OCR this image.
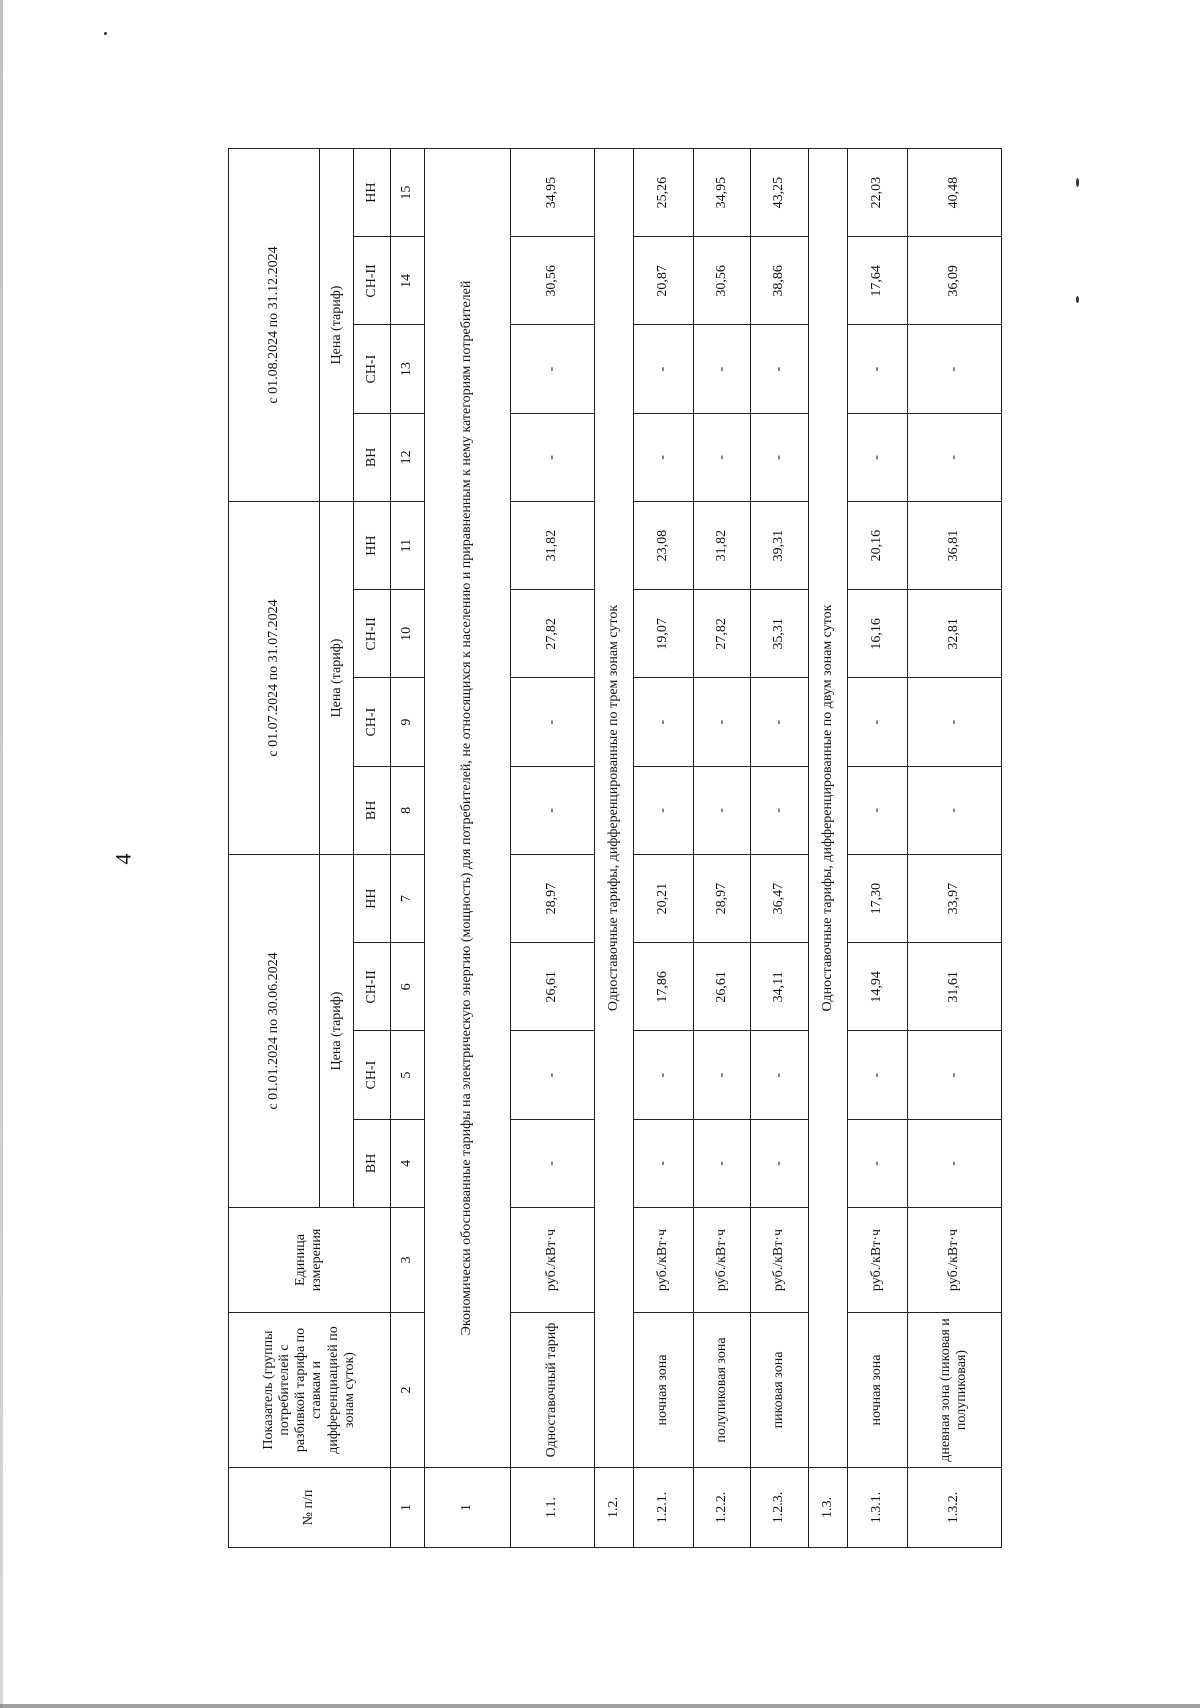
4
№ п/п	Показатель (группы потребителей с разбивкой тарифа по ставкам и дифференциацией по зонам суток)	Единица измерения	с 01.01.2024 по 30.06.2024				с 01.07.2024 по 31.07.2024				с 01.08.2024 по 31.12.2024			
			Цена (тариф)				Цена (тариф)				Цена (тариф)			
			ВН	СН-I	СН-II	НН	ВН	СН-I	СН-II	НН	ВН	СН-I	СН-II	НН
1	2	3	4	5	6	7	8	9	10	11	12	13	14	15
1	Экономически обоснованные тарифы на электрическую энергию (мощность) для потребителей, не относящихся к населению и приравненным к нему категориям потребителей													
1.1.	Одноставочный тариф	руб./кВт·ч	-	-	26,61	28,97	-	-	27,82	31,82	-	-	30,56	34,95
1.2.	Одноставочные тарифы, дифференцированные по трем зонам суток													
1.2.1.	ночная зона	руб./кВт·ч	-	-	17,86	20,21	-	-	19,07	23,08	-	-	20,87	25,26
1.2.2.	полупиковая зона	руб./кВт·ч	-	-	26,61	28,97	-	-	27,82	31,82	-	-	30,56	34,95
1.2.3.	пиковая зона	руб./кВт·ч	-	-	34,11	36,47	-	-	35,31	39,31	-	-	38,86	43,25
1.3.	Одноставочные тарифы, дифференцированные по двум зонам суток													
1.3.1.	ночная зона	руб./кВт·ч	-	-	14,94	17,30	-	-	16,16	20,16	-	-	17,64	22,03
1.3.2.	дневная зона (пиковая и полупиковая)	руб./кВт·ч	-	-	31,61	33,97	-	-	32,81	36,81	-	-	36,09	40,48
